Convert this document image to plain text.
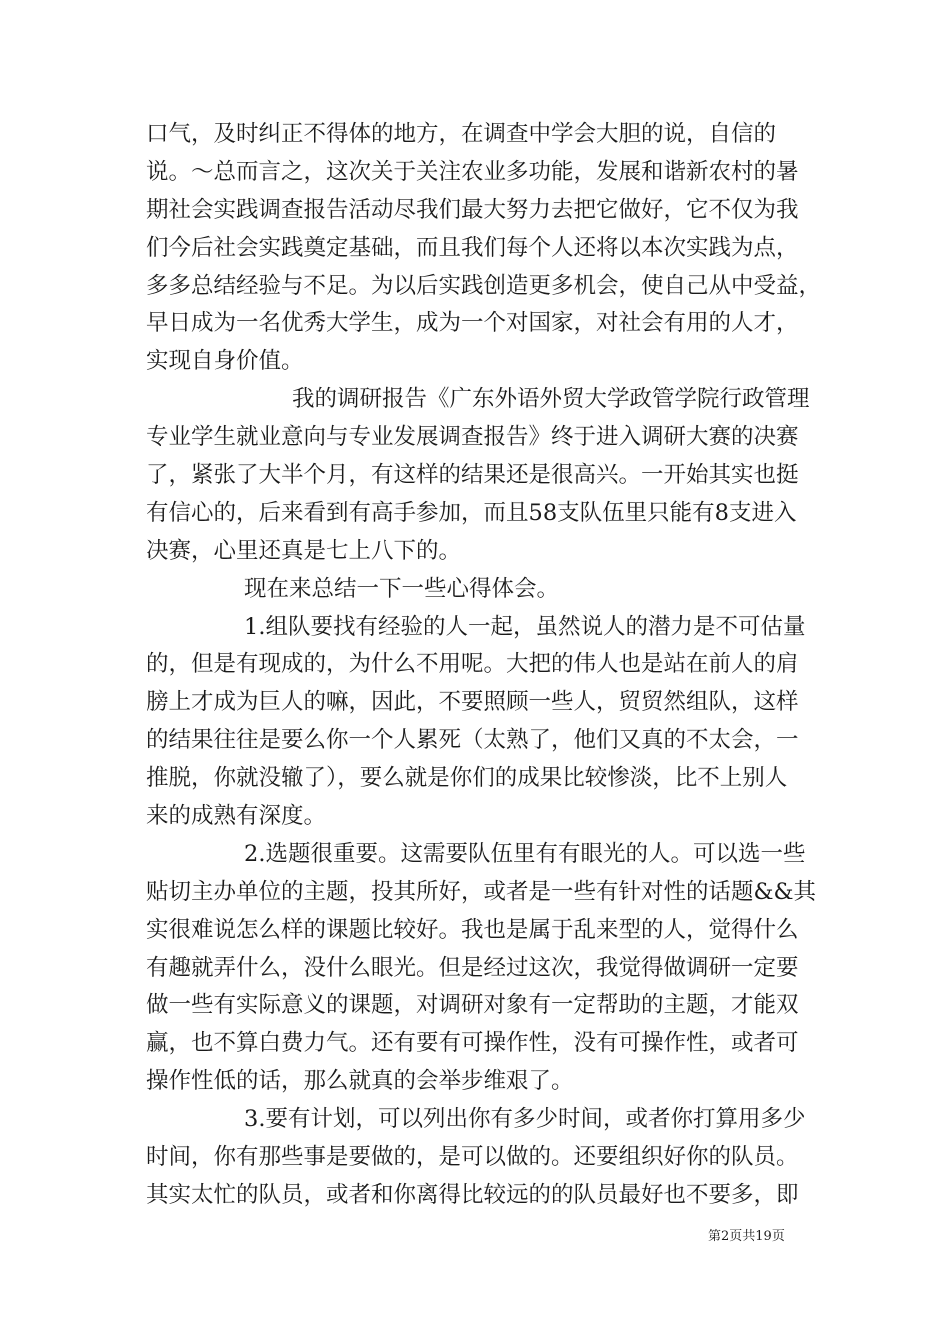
口气，及时纠正不得体的地方，在调查中学会大胆的说，自信的
说。～总而言之，这次关于关注农业多功能，发展和谐新农村的暑
期社会实践调查报告活动尽我们最大努力去把它做好，它不仅为我
们今后社会实践奠定基础，而且我们每个人还将以本次实践为点，
多多总结经验与不足。为以后实践创造更多机会，使自己从中受益，
早日成为一名优秀大学生，成为一个对国家，对社会有用的人才，
实现自身价值。
我的调研报告《广东外语外贸大学政管学院行政管理
专业学生就业意向与专业发展调查报告》终于进入调研大赛的决赛
了，紧张了大半个月，有这样的结果还是很高兴。一开始其实也挺
有信心的，后来看到有高手参加，而且58支队伍里只能有8支进入
决赛，心里还真是七上八下的。
现在来总结一下一些心得体会。
1.组队要找有经验的人一起，虽然说人的潜力是不可估量
的，但是有现成的，为什么不用呢。大把的伟人也是站在前人的肩
膀上才成为巨人的嘛，因此，不要照顾一些人，贸贸然组队，这样
的结果往往是要么你一个人累死（太熟了，他们又真的不太会，一
推脱，你就没辙了），要么就是你们的成果比较惨淡，比不上别人
来的成熟有深度。
2.选题很重要。这需要队伍里有有眼光的人。可以选一些
贴切主办单位的主题，投其所好，或者是一些有针对性的话题&&其
实很难说怎么样的课题比较好。我也是属于乱来型的人，觉得什么
有趣就弄什么，没什么眼光。但是经过这次，我觉得做调研一定要
做一些有实际意义的课题，对调研对象有一定帮助的主题，才能双
赢，也不算白费力气。还有要有可操作性，没有可操作性，或者可
操作性低的话，那么就真的会举步维艰了。
3.要有计划，可以列出你有多少时间，或者你打算用多少
时间，你有那些事是要做的，是可以做的。还要组织好你的队员。
其实太忙的队员，或者和你离得比较远的的队员最好也不要多，即
第2页共19页
